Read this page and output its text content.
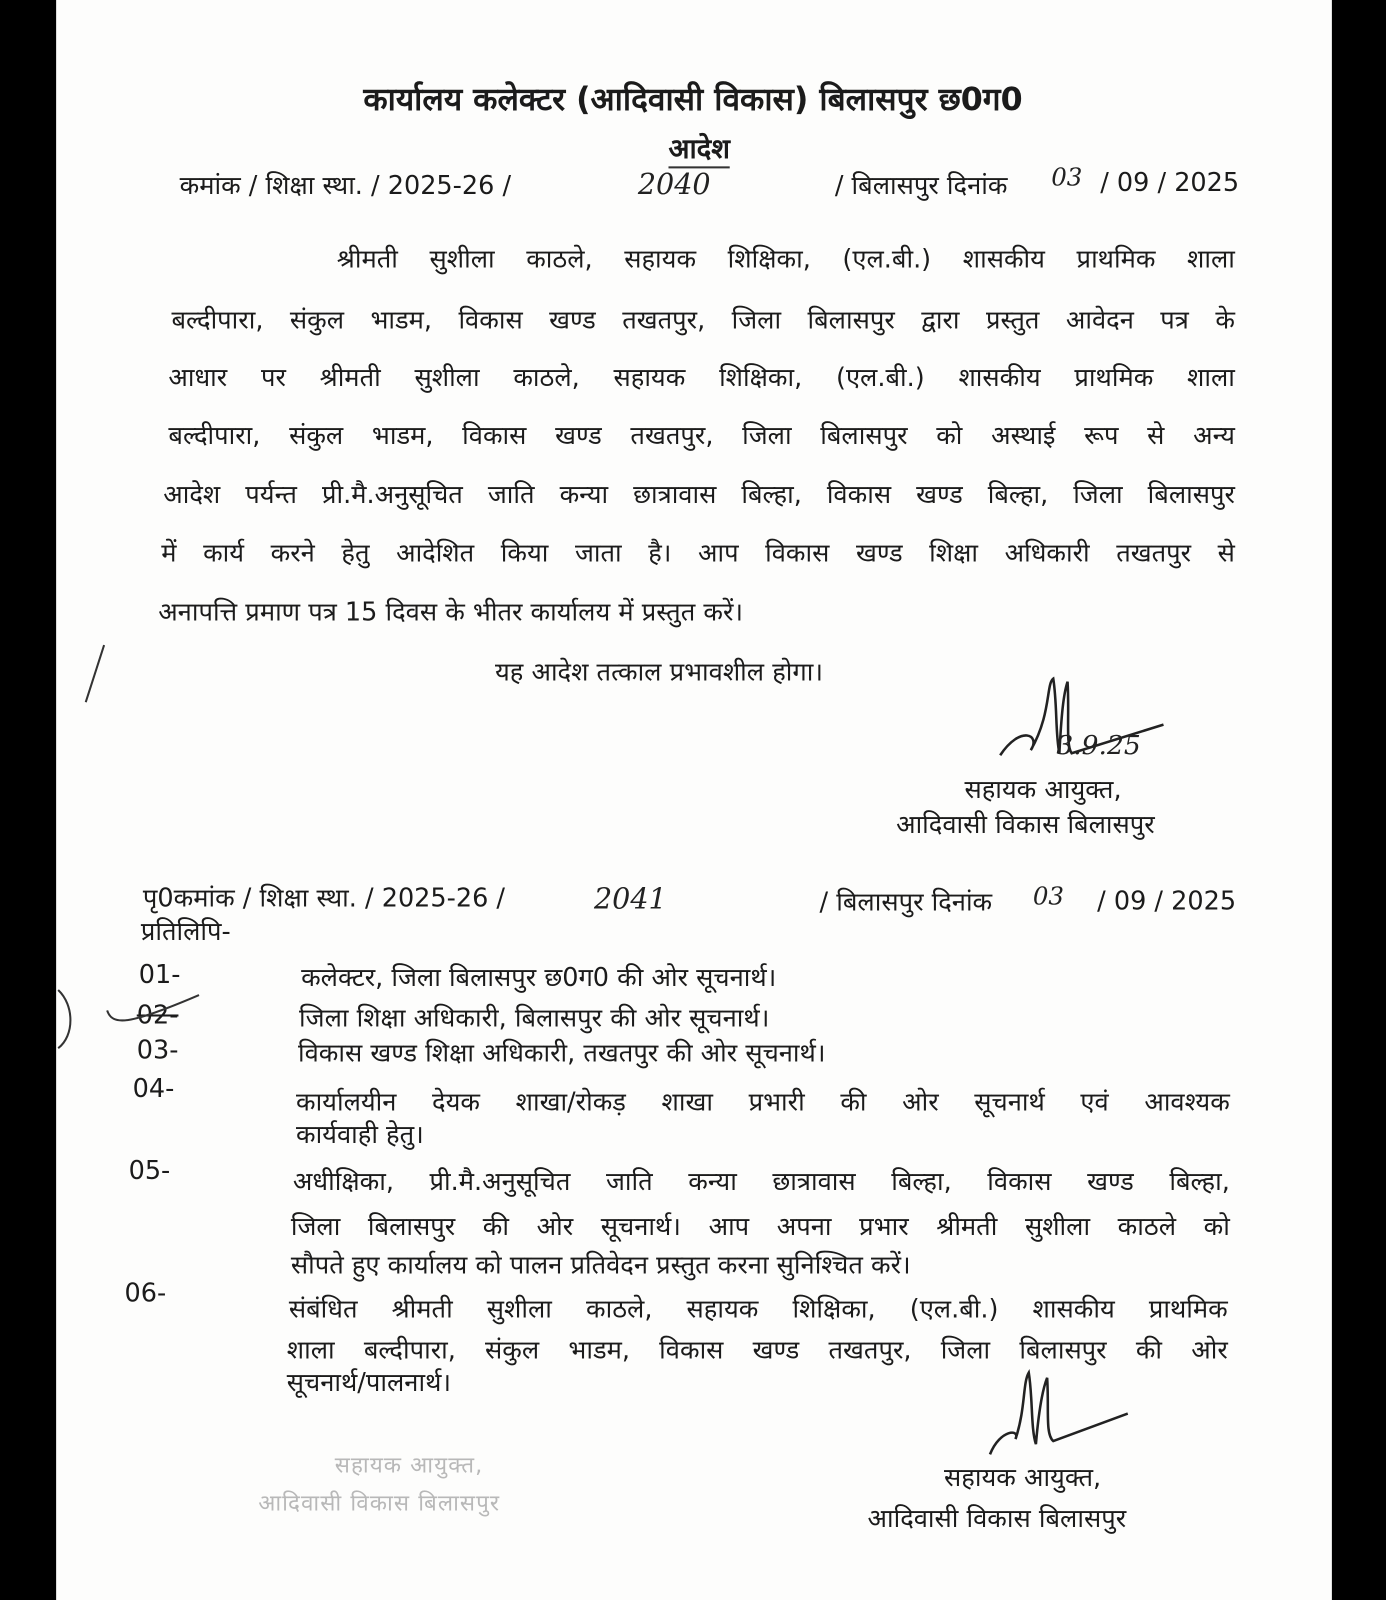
कार्यालय कलेक्टर (आदिवासी विकास) बिलासपुर छ0ग0
आदेश
कमांक / शिक्षा स्था. / 2025-26 /	2040	/ बिलासपुर दिनांक 03 / 09 / 2025
श्रीमती सुशीला काठले, सहायक शिक्षिका, (एल.बी.) शासकीय प्राथमिक शाला
बल्दीपारा, संकुल भाडम, विकास खण्ड तखतपुर, जिला बिलासपुर द्वारा प्रस्तुत आवेदन पत्र के
आधार पर श्रीमती सुशीला काठले, सहायक शिक्षिका, (एल.बी.) शासकीय प्राथमिक शाला
बल्दीपारा, संकुल भाडम, विकास खण्ड तखतपुर, जिला बिलासपुर को अस्थाई रूप से अन्य
आदेश पर्यन्त प्री.मै.अनुसूचित जाति कन्या छात्रावास बिल्हा, विकास खण्ड बिल्हा, जिला बिलासपुर
में कार्य करने हेतु आदेशित किया जाता है। आप विकास खण्ड शिक्षा अधिकारी तखतपुर से
अनापत्ति प्रमाण पत्र 15 दिवस के भीतर कार्यालय में प्रस्तुत करें।
यह आदेश तत्काल प्रभावशील होगा।
3.9.25
सहायक आयुक्त,
आदिवासी विकास बिलासपुर
पृ0कमांक / शिक्षा स्था. / 2025-26 /	2041	/ बिलासपुर दिनांक 03 / 09 / 2025
प्रतिलिपि-
01-	कलेक्टर, जिला बिलासपुर छ0ग0 की ओर सूचनार्थ।
02-	जिला शिक्षा अधिकारी, बिलासपुर की ओर सूचनार्थ।
03-	विकास खण्ड शिक्षा अधिकारी, तखतपुर की ओर सूचनार्थ।
04-	कार्यालयीन देयक शाखा/रोकड़ शाखा प्रभारी की ओर सूचनार्थ एवं आवश्यक
कार्यवाही हेतु।
05-	अधीक्षिका, प्री.मै.अनुसूचित जाति कन्या छात्रावास बिल्हा, विकास खण्ड बिल्हा,
जिला बिलासपुर की ओर सूचनार्थ। आप अपना प्रभार श्रीमती सुशीला काठले को
सौपते हुए कार्यालय को पालन प्रतिवेदन प्रस्तुत करना सुनिश्चित करें।
06-
संबंधित श्रीमती सुशीला काठले, सहायक शिक्षिका, (एल.बी.) शासकीय प्राथमिक
शाला बल्दीपारा, संकुल भाडम, विकास खण्ड तखतपुर, जिला बिलासपुर की ओर
सूचनार्थ/पालनार्थ।
सहायक आयुक्त,
आदिवासी विकास बिलासपुर
सहायक आयुक्त,
आदिवासी विकास बिलासपुर
